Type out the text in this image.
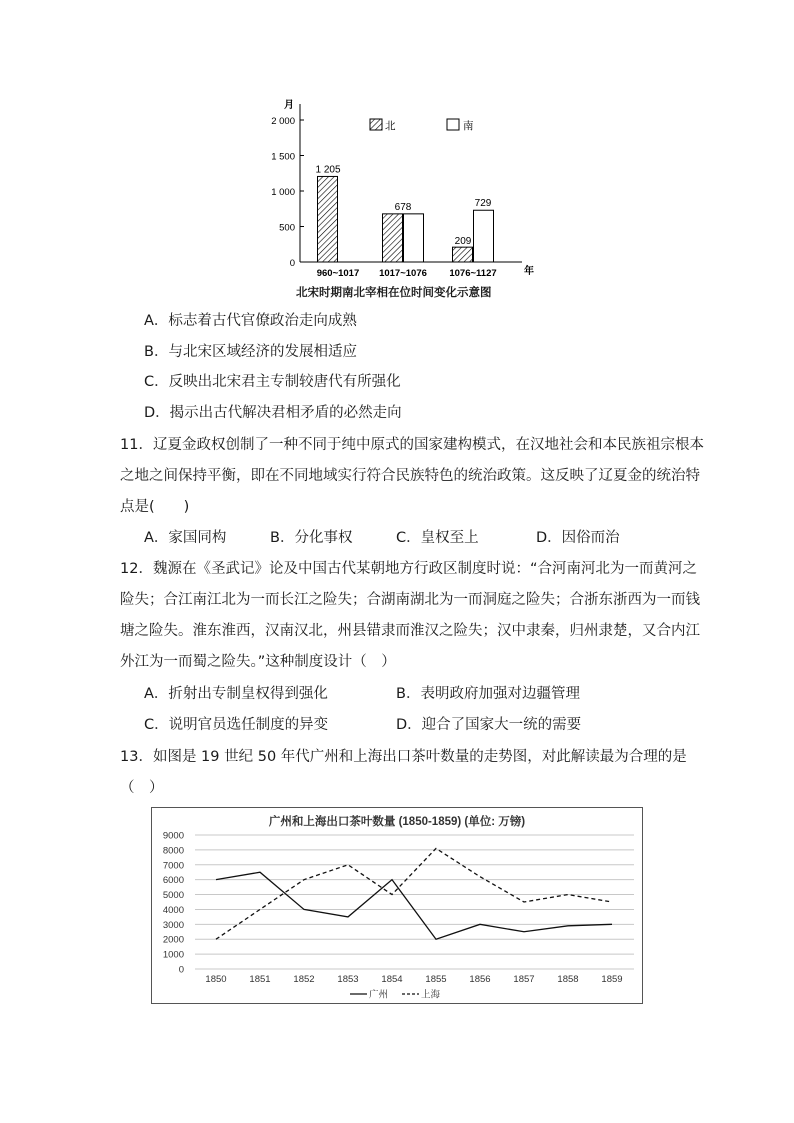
月
年
0
500
1 000
1 500
2 000
960~1017 1017~1076 1076~1127
1 205
678
209
729
北	南
北宋时期南北宰相在位时间变化示意图
A．标志着古代官僚政治走向成熟
B．与北宋区域经济的发展相适应
C．反映出北宋君主专制较唐代有所强化
D．揭示出古代解决君相矛盾的必然走向
11．辽夏金政权创制了一种不同于纯中原式的国家建构模式，在汉地社会和本民族祖宗根本
之地之间保持平衡，即在不同地域实行符合民族特色的统治政策。这反映了辽夏金的统治特
点是(　　)
A．家国同构	B．分化事权	C．皇权至上	D．因俗而治
12．魏源在《圣武记》论及中国古代某朝地方行政区制度时说：“合河南河北为一而黄河之
险失；合江南江北为一而长江之险失；合湖南湖北为一而洞庭之险失；合浙东浙西为一而钱
塘之险失。淮东淮西，汉南汉北，州县错隶而淮汉之险失；汉中隶秦，归州隶楚，又合内江
外江为一而蜀之险失。”这种制度设计（　）
A．折射出专制皇权得到强化	B．表明政府加强对边疆管理
C．说明官员选任制度的异变	D．迎合了国家大一统的需要
13．如图是 19 世纪 50 年代广州和上海出口茶叶数量的走势图，对此解读最为合理的是
（　）
广州和上海出口茶叶数量 (1850-1859) (单位: 万镑)
0
1000
2000
3000
4000
5000
6000
7000
8000
9000
1850 1851 1852 1853 1854 1855 1856 1857 1858 1859
广州	上海
